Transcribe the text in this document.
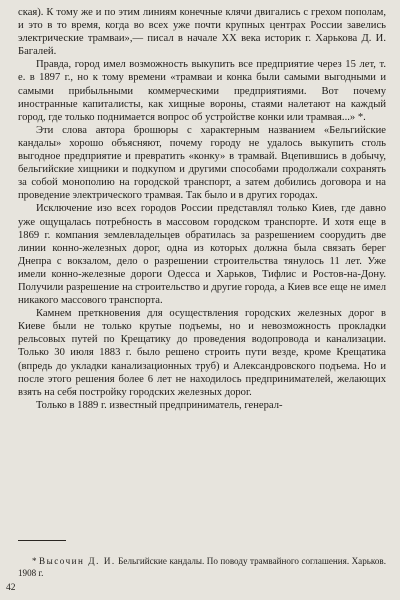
ская). К тому же и по этим линиям конечные клячи двигались с грехом пополам, и это в то время, когда во всех уже почти крупных центрах России завелись электрические трамваи»,— писал в начале XX века историк г. Харькова Д. И. Багалей.

Правда, город имел возможность выкупить все предприятие через 15 лет, т. е. в 1897 г., но к тому времени «трамваи и конка были самыми выгодными и самыми прибыльными коммерческими предприятиями. Вот почему иностранные капиталисты, как хищные вороны, стаями налетают на каждый город, где только поднимается вопрос об устройстве конки или трамвая...» *.

Эти слова автора брошюры с характерным названием «Бельгийские кандалы» хорошо объясняют, почему городу не удалось выкупить столь выгодное предприятие и превратить «конку» в трамвай. Вцепившись в добычу, бельгийские хищники и подкупом и другими способами продолжали сохранять за собой монополию на городской транспорт, а затем добились договора и на проведение электрического трамвая. Так было и в других городах.

Исключение изо всех городов России представлял только Киев, где давно уже ощущалась потребность в массовом городском транспорте. И хотя еще в 1869 г. компания землевладельцев обратилась за разрешением соорудить две линии конно-железных дорог, одна из которых должна была связать берег Днепра с вокзалом, дело о разрешении строительства тянулось 11 лет. Уже имели конно-железные дороги Одесса и Харьков, Тифлис и Ростов-на-Дону. Получили разрешение на строительство и другие города, а Киев все еще не имел никакого массового транспорта.

Камнем преткновения для осуществления городских железных дорог в Киеве были не только крутые подъемы, но и невозможность прокладки рельсовых путей по Крещатику до проведения водопровода и канализации. Только 30 июля 1883 г. было решено строить пути везде, кроме Крещатика (впредь до укладки канализационных труб) и Александровского подъема. Но и после этого решения более 6 лет не находилось предпринимателей, желающих взять на себя постройку городских железных дорог.

Только в 1889 г. известный предприниматель, генерал-

* Высочин Д. И. Бельгийские кандалы. По поводу трамвайного соглашения. Харьков. 1908 г.

42
